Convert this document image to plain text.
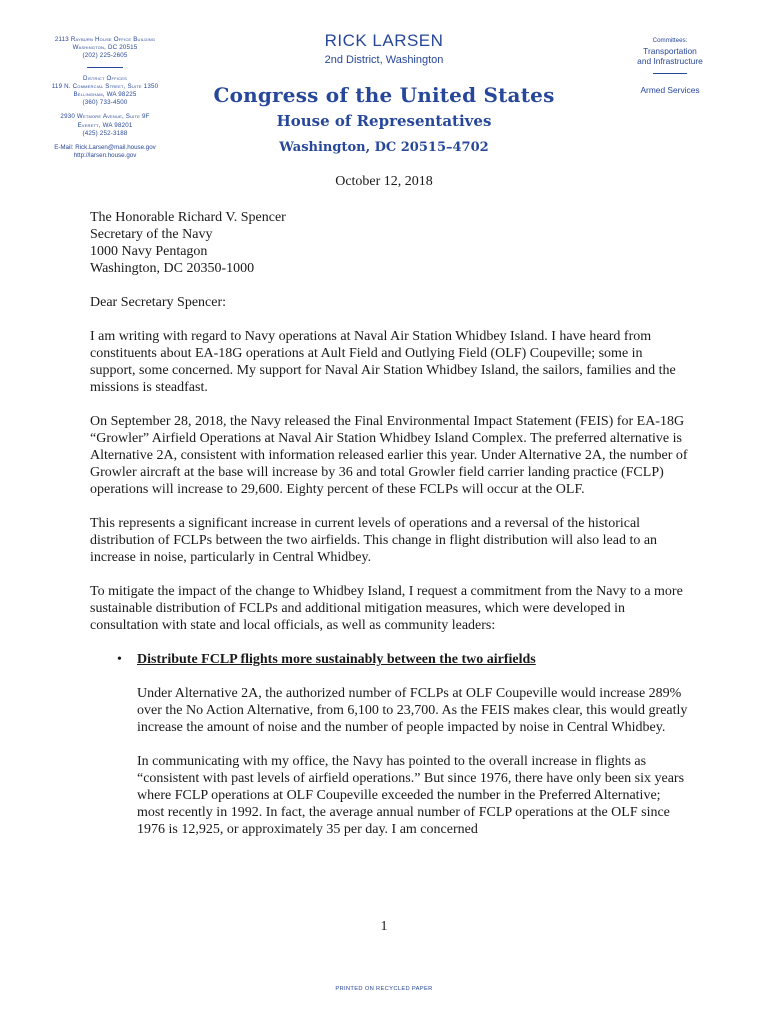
2113 Rayburn House Office Building
Washington, DC 20515
(202) 225-2605
District Offices
119 N. Commercial Street, Suite 1350
Bellingham, WA 98225
(360) 733-4500
2930 Wetmore Avenue, Suite 9F
Everett, WA 98201
(425) 252-3188
E-Mail: Rick.Larsen@mail.house.gov
http://larsen.house.gov
RICK LARSEN
2nd District, Washington
Congress of the United States
House of Representatives
Washington, DC 20515–4702
Committees:
Transportation
and Infrastructure
Armed Services
October 12, 2018

The Honorable Richard V. Spencer
Secretary of the Navy
1000 Navy Pentagon
Washington, DC 20350-1000

Dear Secretary Spencer:

I am writing with regard to Navy operations at Naval Air Station Whidbey Island. I have heard from constituents about EA-18G operations at Ault Field and Outlying Field (OLF) Coupeville; some in support, some concerned. My support for Naval Air Station Whidbey Island, the sailors, families and the missions is steadfast.

On September 28, 2018, the Navy released the Final Environmental Impact Statement (FEIS) for EA-18G “Growler” Airfield Operations at Naval Air Station Whidbey Island Complex. The preferred alternative is Alternative 2A, consistent with information released earlier this year. Under Alternative 2A, the number of Growler aircraft at the base will increase by 36 and total Growler field carrier landing practice (FCLP) operations will increase to 29,600. Eighty percent of these FCLPs will occur at the OLF.

This represents a significant increase in current levels of operations and a reversal of the historical distribution of FCLPs between the two airfields. This change in flight distribution will also lead to an increase in noise, particularly in Central Whidbey.

To mitigate the impact of the change to Whidbey Island, I request a commitment from the Navy to a more sustainable distribution of FCLPs and additional mitigation measures, which were developed in consultation with state and local officials, as well as community leaders:

• Distribute FCLP flights more sustainably between the two airfields

Under Alternative 2A, the authorized number of FCLPs at OLF Coupeville would increase 289% over the No Action Alternative, from 6,100 to 23,700. As the FEIS makes clear, this would greatly increase the amount of noise and the number of people impacted by noise in Central Whidbey.

In communicating with my office, the Navy has pointed to the overall increase in flights as “consistent with past levels of airfield operations.” But since 1976, there have only been six years where FCLP operations at OLF Coupeville exceeded the number in the Preferred Alternative; most recently in 1992. In fact, the average annual number of FCLP operations at the OLF since 1976 is 12,925, or approximately 35 per day. I am concerned

1
PRINTED ON RECYCLED PAPER
